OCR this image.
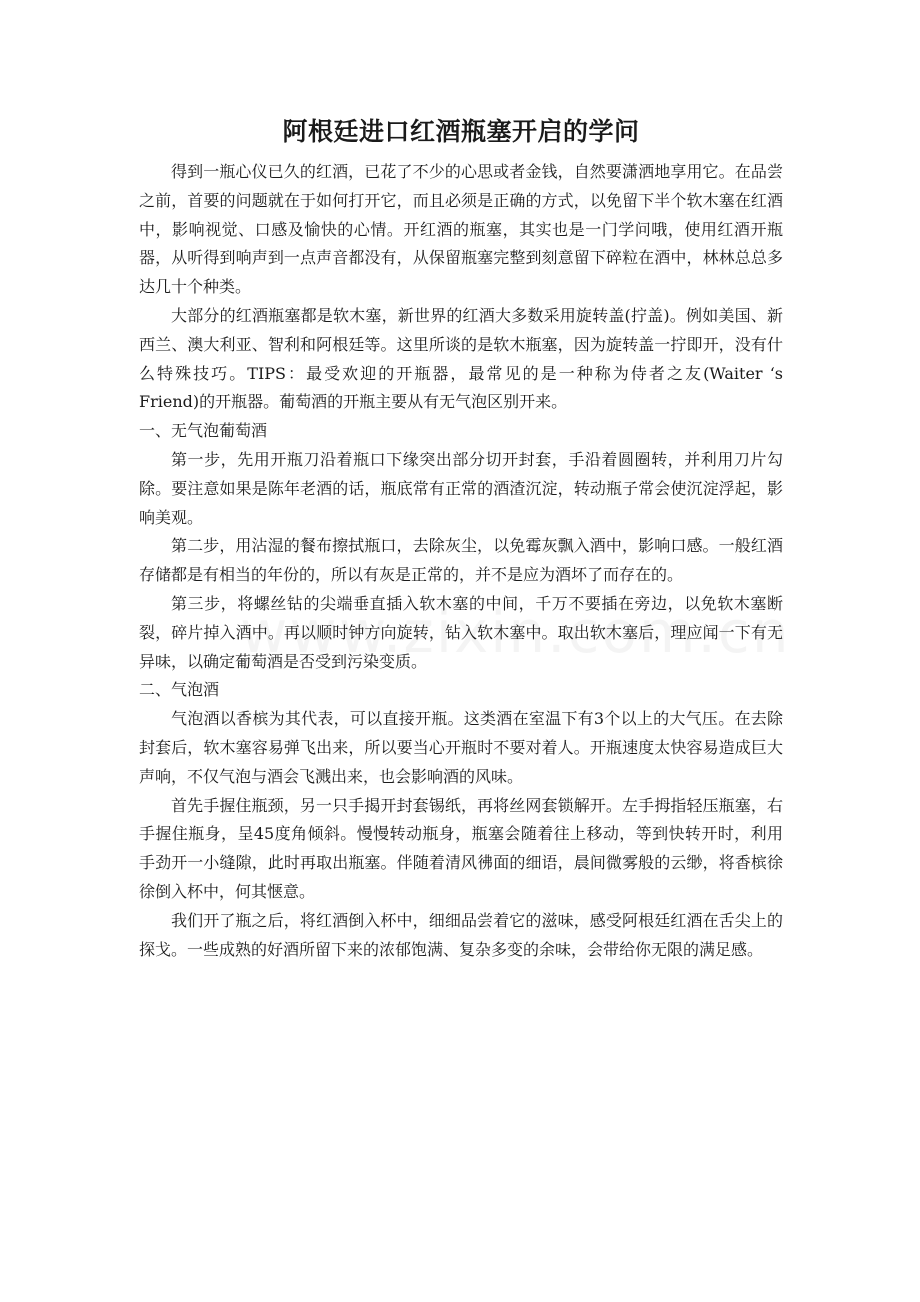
阿根廷进口红酒瓶塞开启的学问

得到一瓶心仪已久的红酒，已花了不少的心思或者金钱，自然要潇洒地享用它。在品尝之前，首要的问题就在于如何打开它，而且必须是正确的方式，以免留下半个软木塞在红酒中，影响视觉、口感及愉快的心情。开红酒的瓶塞，其实也是一门学问哦，使用红酒开瓶器，从听得到响声到一点声音都没有，从保留瓶塞完整到刻意留下碎粒在酒中，林林总总多达几十个种类。

大部分的红酒瓶塞都是软木塞，新世界的红酒大多数采用旋转盖(拧盖)。例如美国、新西兰、澳大利亚、智利和阿根廷等。这里所谈的是软木瓶塞，因为旋转盖一拧即开，没有什么特殊技巧。TIPS：最受欢迎的开瓶器，最常见的是一种称为侍者之友(Waiter ‘s Friend)的开瓶器。葡萄酒的开瓶主要从有无气泡区别开来。

一、无气泡葡萄酒

第一步，先用开瓶刀沿着瓶口下缘突出部分切开封套，手沿着圆圈转，并利用刀片勾除。要注意如果是陈年老酒的话，瓶底常有正常的酒渣沉淀，转动瓶子常会使沉淀浮起，影响美观。

第二步，用沾湿的餐布擦拭瓶口，去除灰尘，以免霉灰飘入酒中，影响口感。一般红酒存储都是有相当的年份的，所以有灰是正常的，并不是应为酒坏了而存在的。

第三步，将螺丝钻的尖端垂直插入软木塞的中间，千万不要插在旁边，以免软木塞断裂，碎片掉入酒中。再以顺时钟方向旋转，钻入软木塞中。取出软木塞后，理应闻一下有无异味，以确定葡萄酒是否受到污染变质。

二、气泡酒

气泡酒以香槟为其代表，可以直接开瓶。这类酒在室温下有3个以上的大气压。在去除封套后，软木塞容易弹飞出来，所以要当心开瓶时不要对着人。开瓶速度太快容易造成巨大声响，不仅气泡与酒会飞溅出来，也会影响酒的风味。

首先手握住瓶颈，另一只手揭开封套锡纸，再将丝网套锁解开。左手拇指轻压瓶塞，右手握住瓶身，呈45度角倾斜。慢慢转动瓶身，瓶塞会随着往上移动，等到快转开时，利用手劲开一小缝隙，此时再取出瓶塞。伴随着清风彿面的细语，晨间微雾般的云缈，将香槟徐徐倒入杯中，何其惬意。

我们开了瓶之后，将红酒倒入杯中，细细品尝着它的滋味，感受阿根廷红酒在舌尖上的探戈。一些成熟的好酒所留下来的浓郁饱满、复杂多变的余味，会带给你无限的满足感。
